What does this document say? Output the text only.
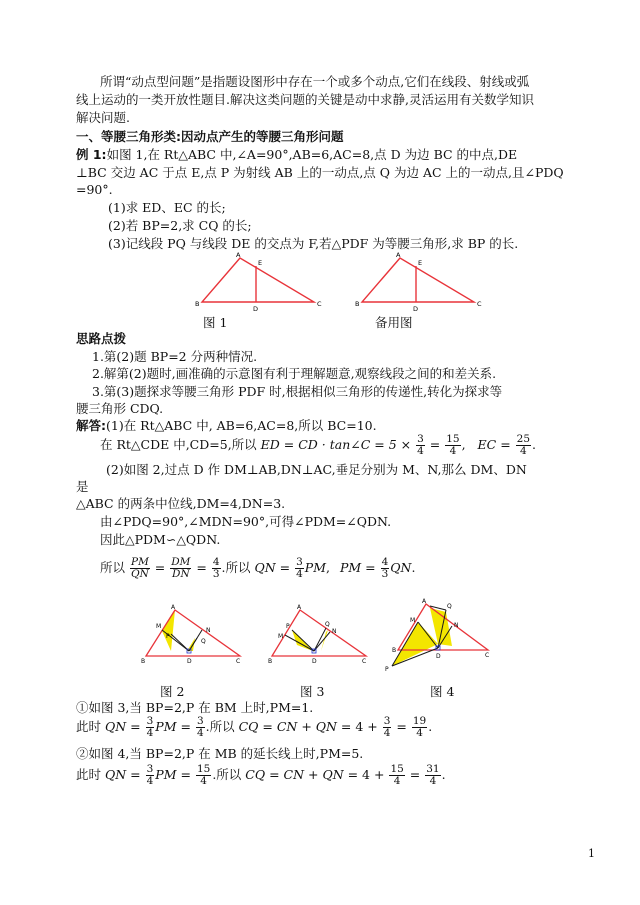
所谓“动点型问题”是指题设图形中存在一个或多个动点,它们在线段、射线或弧
线上运动的一类开放性题目.解决这类问题的关键是动中求静,灵活运用有关数学知识
解决问题.
一、等腰三角形类:因动点产生的等腰三角形问题
例 1:如图 1,在 Rt△ABC 中,∠A=90°,AB=6,AC=8,点 D 为边 BC 的中点,DE
⊥BC 交边 AC 于点 E,点 P 为射线 AB 上的一动点,点 Q 为边 AC 上的一动点,且∠PDQ
=90°.
(1)求 ED、EC 的长;
(2)若 BP=2,求 CQ 的长;
(3)记线段 PQ 与线段 DE 的交点为 F,若△PDF 为等腰三角形,求 BP 的长.
A
B	C
D
E
图 1
A
B	C
D
E
备用图
思路点拨
1.第(2)题 BP=2 分两种情况.
2.解第(2)题时,画准确的示意图有利于理解题意,观察线段之间的和差关系.
3.第(3)题探求等腰三角形 PDF 时,根据相似三角形的传递性,转化为探求等
腰三角形 CDQ.
解答:(1)在 Rt△ABC 中, AB=6,AC=8,所以 BC=10.
在 Rt△CDE 中,CD=5,所以 ED = CD · tan∠C = $5 \times \frac{3}{4} = \frac{15}{4}$ , EC = $\frac{25}{4}$ .
(2)如图 2,过点 D 作 DM⊥AB,DN⊥AC,垂足分别为 M、N,那么 DM、DN
是
△ABC 的两条中位线,DM=4,DN=3.
由∠PDQ=90°,∠MDN=90°,可得∠PDM=∠QDN.
因此△PDM∽△QDN.
所以 $\frac{PM}{QN} = \frac{DM}{DN} = \frac{4}{3}$ .所以 QN = $\frac{3}{4}$ PM, PM = $\frac{4}{3}$ QN.
A
M
P
N
Q
B	D	C
图 2
A
P
M
Q
N
B	D	C
图 3
A
Q
M
N
B
P
D	C
图 4
①如图 3,当 BP=2,P 在 BM 上时,PM=1.
此时 QN = $\frac{3}{4}$ PM = $\frac{3}{4}$ .所以 CQ = CN + QN = $4 + \frac{3}{4} = \frac{19}{4}$ .
②如图 4,当 BP=2,P 在 MB 的延长线上时,PM=5.
此时 QN = $\frac{3}{4}$ PM = $\frac{15}{4}$ .所以 CQ = CN + QN = $4 + \frac{15}{4} = \frac{31}{4}$ .
1
